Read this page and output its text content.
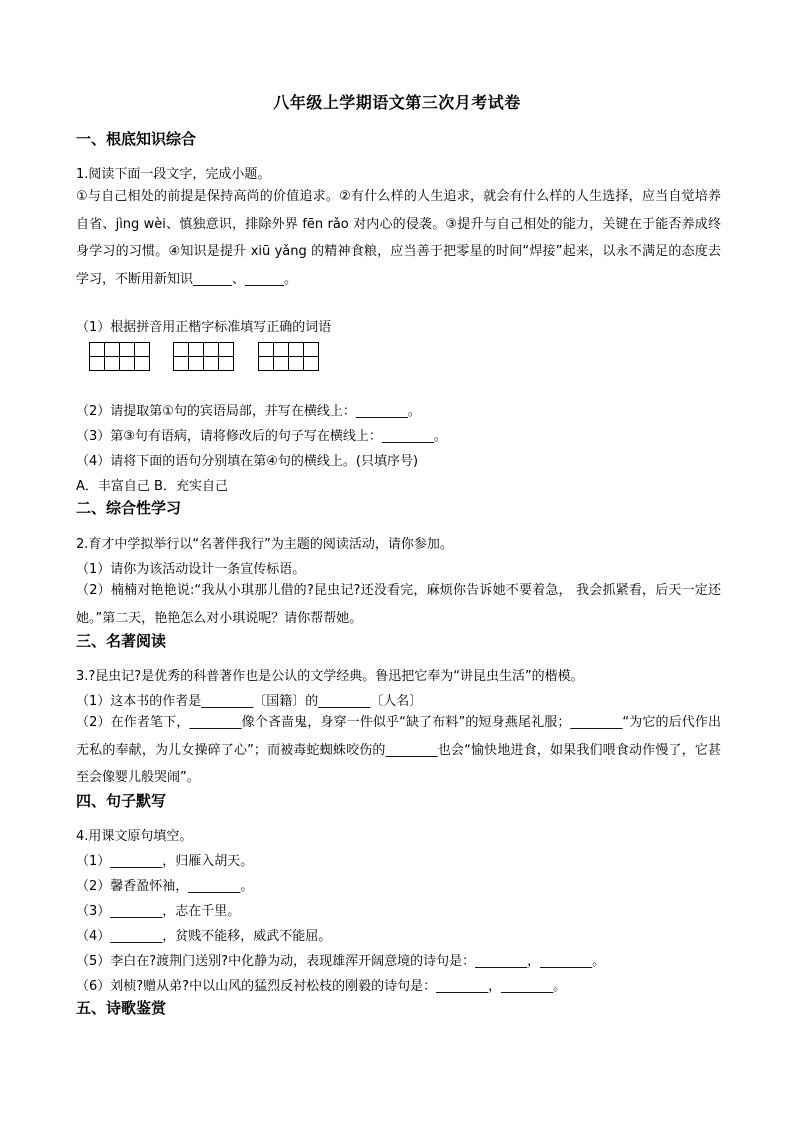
八年级上学期语文第三次月考试卷
一、根底知识综合
1.阅读下面一段文字，完成小题。
①与自己相处的前提是保持高尚的价值追求。②有什么样的人生追求，就会有什么样的人生选择，应当自觉培养自省、jìng wèi、慎独意识，排除外界 fēn rǎo 对内心的侵袭。③提升与自己相处的能力，关键在于能否养成终身学习的习惯。④知识是提升 xiū yǎng 的精神食粮，应当善于把零星的时间“焊接”起来，以永不满足的态度去学习，不断用新知识______、______。
（1）根据拼音用正楷字标准填写正确的词语
（2）请提取第①句的宾语局部，并写在横线上：________。
（3）第③句有语病，请将修改后的句子写在横线上：________。
（4）请将下面的语句分别填在第④句的横线上。(只填序号)
A．丰富自己 B．充实自己
二、综合性学习
2.育才中学拟举行以“名著伴我行”为主题的阅读活动，请你参加。
（1）请你为该活动设计一条宣传标语。
（2）楠楠对艳艳说:“我从小琪那儿借的?昆虫记?还没看完，麻烦你告诉她不要着急， 我会抓紧看，后天一定还她。”第二天，艳艳怎么对小琪说呢？请你帮帮她。
三、名著阅读
3.?昆虫记?是优秀的科普著作也是公认的文学经典。鲁迅把它奉为“讲昆虫生活”的楷模。
（1）这本书的作者是________〔国籍〕的________〔人名〕
（2）在作者笔下，________像个吝啬鬼，身穿一件似乎“缺了布料”的短身燕尾礼服；________“为它的后代作出无私的奉献，为儿女操碎了心”；而被毒蛇蜘蛛咬伤的________也会“愉快地进食，如果我们喂食动作慢了，它甚至会像婴儿般哭闹”。
四、句子默写
4.用课文原句填空。
（1）________，归雁入胡天。
（2）馨香盈怀袖，________。
（3）________，志在千里。
（4）________，贫贱不能移，威武不能屈。
（5）李白在?渡荆门送别?中化静为动，表现雄浑开阔意境的诗句是：________，________。
（6）刘桢?赠从弟?中以山风的猛烈反衬松枝的刚毅的诗句是：________，________。
五、诗歌鉴赏
